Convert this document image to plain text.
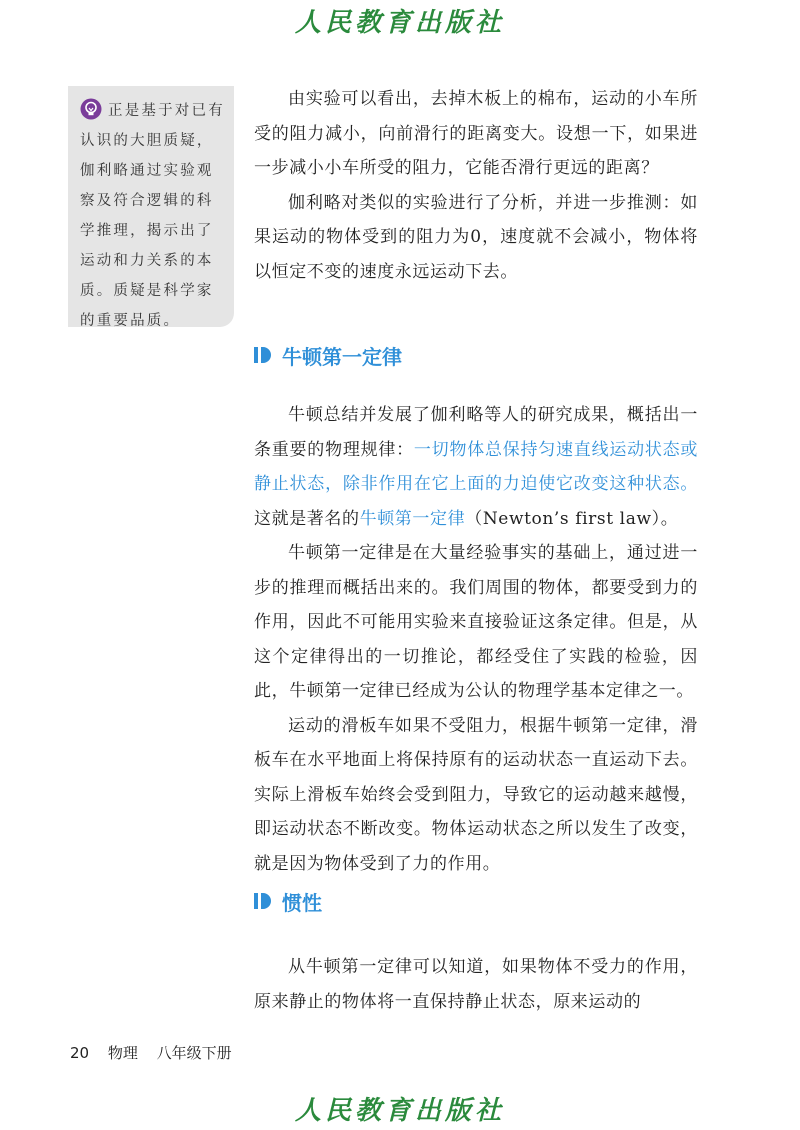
人民教育出版社
正是基于对已有认识的大胆质疑，伽利略通过实验观察及符合逻辑的科学推理，揭示出了运动和力关系的本质。质疑是科学家的重要品质。

由实验可以看出，去掉木板上的棉布，运动的小车所受的阻力减小，向前滑行的距离变大。设想一下，如果进一步减小小车所受的阻力，它能否滑行更远的距离？

伽利略对类似的实验进行了分析，并进一步推测：如果运动的物体受到的阻力为0，速度就不会减小，物体将以恒定不变的速度永远运动下去。

牛顿第一定律

牛顿总结并发展了伽利略等人的研究成果，概括出一条重要的物理规律：一切物体总保持匀速直线运动状态或静止状态，除非作用在它上面的力迫使它改变这种状态。这就是著名的牛顿第一定律（Newton’s first law）。

牛顿第一定律是在大量经验事实的基础上，通过进一步的推理而概括出来的。我们周围的物体，都要受到力的作用，因此不可能用实验来直接验证这条定律。但是，从这个定律得出的一切推论，都经受住了实践的检验，因此，牛顿第一定律已经成为公认的物理学基本定律之一。

运动的滑板车如果不受阻力，根据牛顿第一定律，滑板车在水平地面上将保持原有的运动状态一直运动下去。实际上滑板车始终会受到阻力，导致它的运动越来越慢，即运动状态不断改变。物体运动状态之所以发生了改变，就是因为物体受到了力的作用。

惯性

从牛顿第一定律可以知道，如果物体不受力的作用，原来静止的物体将一直保持静止状态，原来运动的

20 物理 八年级下册
人民教育出版社
